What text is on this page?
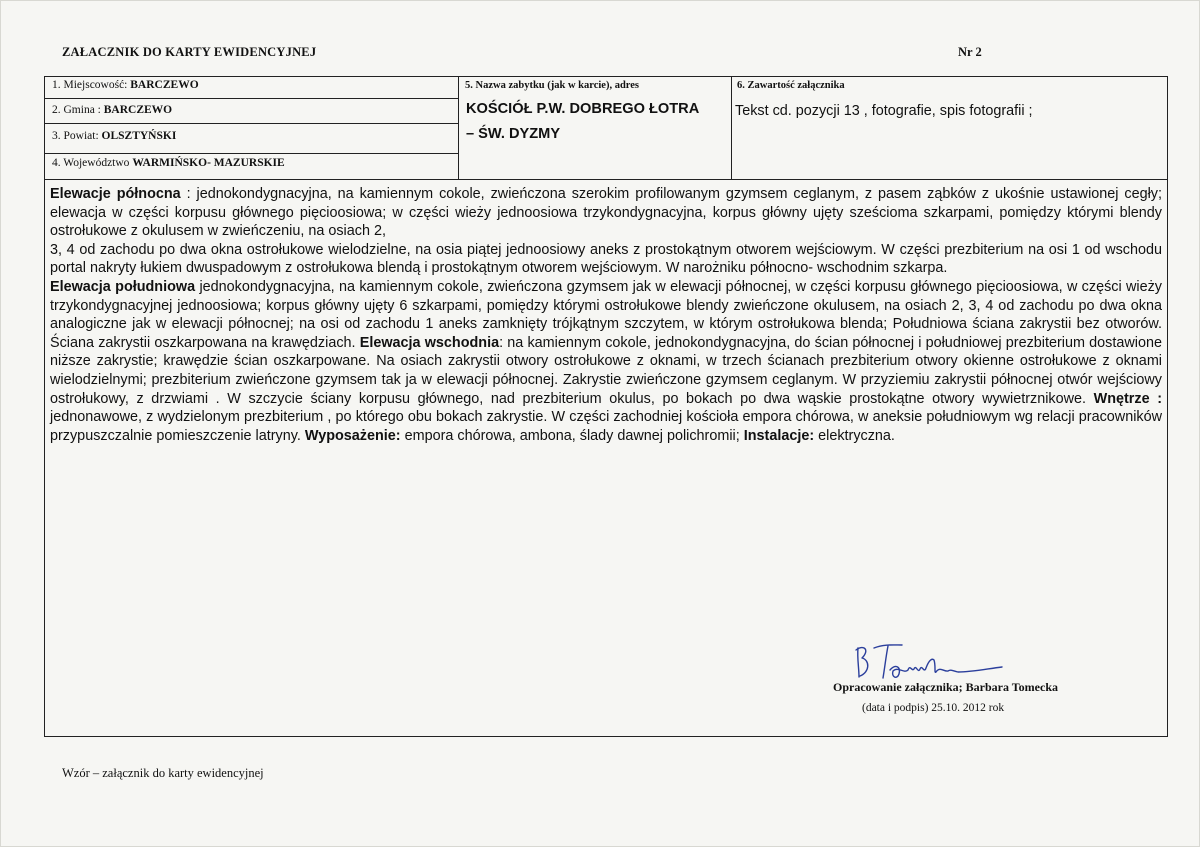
ZAŁACZNIK DO KARTY EWIDENCYJNEJ	Nr 2
1. Miejscowość: BARCZEWO
2. Gmina : BARCZEWO
3. Powiat: OLSZTYŃSKI
4. Województwo WARMIŃSKO- MAZURSKIE
5. Nazwa zabytku (jak w karcie), adres
KOŚCIÓŁ P.W. DOBREGO ŁOTRA
– ŚW. DYZMY
6. Zawartość załącznika
Tekst cd. pozycji 13 , fotografie, spis fotografii ;

Elewacje północna : jednokondygnacyjna, na kamiennym cokole, zwieńczona szerokim profilowanym gzymsem ceglanym, z pasem ząbków z ukośnie ustawionej cegły; elewacja w części korpusu głównego pięcioosiowa; w części wieży jednoosiowa trzykondygnacyjna, korpus główny ujęty sześcioma szkarpami, pomiędzy którymi blendy ostrołukowe z okulusem w zwieńczeniu, na osiach 2,

3, 4 od zachodu po dwa okna ostrołukowe wielodzielne, na osia piątej jednoosiowy aneks z prostokątnym otworem wejściowym. W części prezbiterium na osi 1 od wschodu portal nakryty łukiem dwuspadowym z ostrołukowa blendą i prostokątnym otworem wejściowym. W narożniku północno- wschodnim szkarpa.

Elewacja południowa jednokondygnacyjna, na kamiennym cokole, zwieńczona gzymsem jak w elewacji północnej, w części korpusu głównego pięcioosiowa, w części wieży trzykondygnacyjnej jednoosiowa; korpus główny ujęty 6 szkarpami, pomiędzy którymi ostrołukowe blendy zwieńczone okulusem, na osiach 2, 3, 4 od zachodu po dwa okna analogiczne jak w elewacji północnej; na osi od zachodu 1 aneks zamknięty trójkątnym szczytem, w którym ostrołukowa blenda; Południowa ściana zakrystii bez otworów. Ściana zakrystii oszkarpowana na krawędziach. Elewacja wschodnia: na kamiennym cokole, jednokondygnacyjna, do ścian północnej i południowej prezbiterium dostawione niższe zakrystie; krawędzie ścian oszkarpowane. Na osiach zakrystii otwory ostrołukowe z oknami, w trzech ścianach prezbiterium otwory okienne ostrołukowe z oknami wielodzielnymi; prezbiterium zwieńczone gzymsem tak ja w elewacji północnej. Zakrystie zwieńczone gzymsem ceglanym. W przyziemiu zakrystii północnej otwór wejściowy ostrołukowy, z drzwiami . W szczycie ściany korpusu głównego, nad prezbiterium okulus, po bokach po dwa wąskie prostokątne otwory wywietrznikowe. Wnętrze : jednonawowe, z wydzielonym prezbiterium , po którego obu bokach zakrystie. W części zachodniej kościoła empora chórowa, w aneksie południowym wg relacji pracowników przypuszczalnie pomieszczenie latryny. Wyposażenie: empora chórowa, ambona, ślady dawnej polichromii; Instalacje: elektryczna.

Opracowanie załącznika; Barbara Tomecka
(data i podpis) 25.10. 2012 rok
Wzór – załącznik do karty ewidencyjnej
